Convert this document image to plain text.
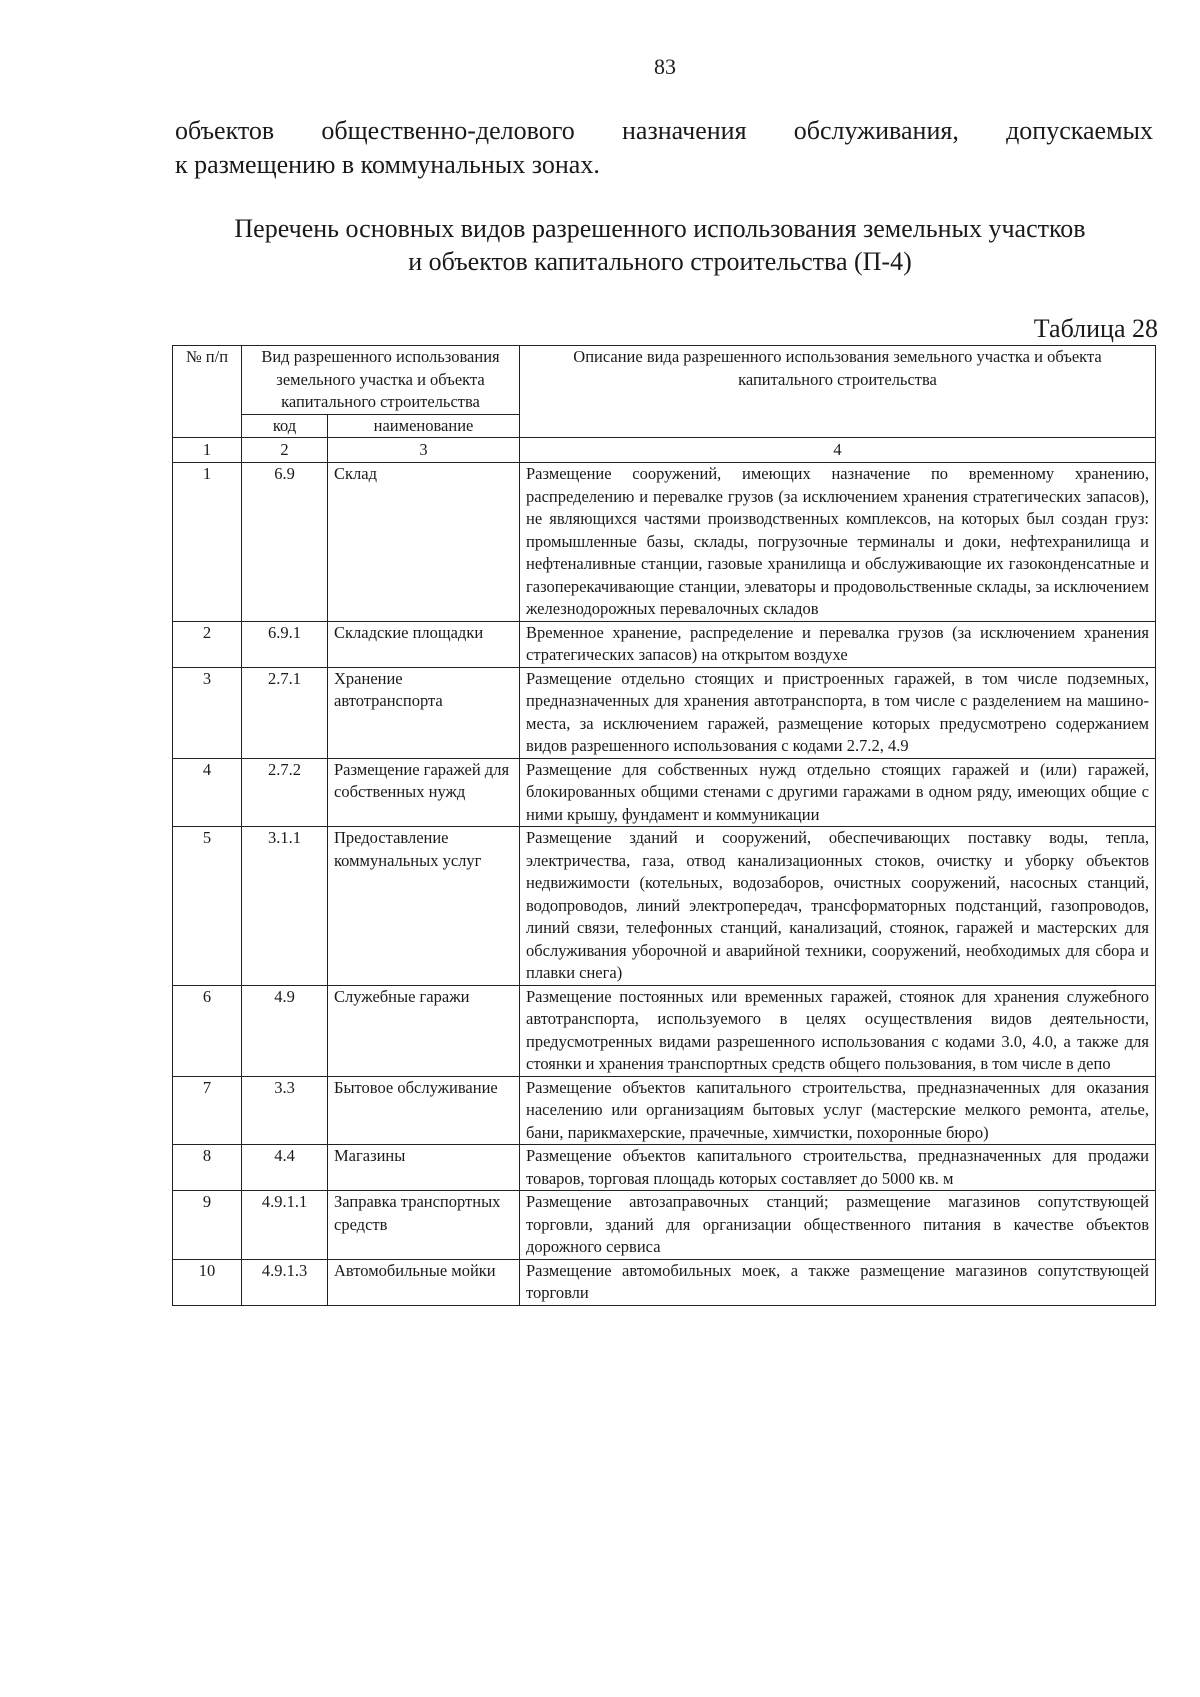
83
объектов общественно-делового назначения обслуживания, допускаемых
к размещению в коммунальных зонах.
Перечень основных видов разрешенного использования земельных участков
и объектов капитального строительства (П-4)
Таблица 28
№ п/п	Вид разрешенного использования земельного участка и объекта капитального строительства		Описание вида разрешенного использования земельного участка и объекта капитального строительства
	код	наименование	
1	2	3	4
1	6.9	Склад	Размещение сооружений, имеющих назначение по временному хранению, распределению и перевалке грузов (за исключением хранения стратегических запасов), не являющихся частями производственных комплексов, на которых был создан груз: промышленные базы, склады, погрузочные терминалы и доки, нефтехранилища и нефтеналивные станции, газовые хранилища и обслуживающие их газоконденсатные и газоперекачивающие станции, элеваторы и продовольственные склады, за исключением железнодорожных перевалочных складов
2	6.9.1	Складские площадки	Временное хранение, распределение и перевалка грузов (за исключением хранения стратегических запасов) на открытом воздухе
3	2.7.1	Хранение автотранспорта	Размещение отдельно стоящих и пристроенных гаражей, в том числе подземных, предназначенных для хранения автотранспорта, в том числе с разделением на машино-места, за исключением гаражей, размещение которых предусмотрено содержанием видов разрешенного использования с кодами 2.7.2, 4.9
4	2.7.2	Размещение гаражей для собственных нужд	Размещение для собственных нужд отдельно стоящих гаражей и (или) гаражей, блокированных общими стенами с другими гаражами в одном ряду, имеющих общие с ними крышу, фундамент и коммуникации
5	3.1.1	Предоставление коммунальных услуг	Размещение зданий и сооружений, обеспечивающих поставку воды, тепла, электричества, газа, отвод канализационных стоков, очистку и уборку объектов недвижимости (котельных, водозаборов, очистных сооружений, насосных станций, водопроводов, линий электропередач, трансформаторных подстанций, газопроводов, линий связи, телефонных станций, канализаций, стоянок, гаражей и мастерских для обслуживания уборочной и аварийной техники, сооружений, необходимых для сбора и плавки снега)
6	4.9	Служебные гаражи	Размещение постоянных или временных гаражей, стоянок для хранения служебного автотранспорта, используемого в целях осуществления видов деятельности, предусмотренных видами разрешенного использования с кодами 3.0, 4.0, а также для стоянки и хранения транспортных средств общего пользования, в том числе в депо
7	3.3	Бытовое обслуживание	Размещение объектов капитального строительства, предназначенных для оказания населению или организациям бытовых услуг (мастерские мелкого ремонта, ателье, бани, парикмахерские, прачечные, химчистки, похоронные бюро)
8	4.4	Магазины	Размещение объектов капитального строительства, предназначенных для продажи товаров, торговая площадь которых составляет до 5000 кв. м
9	4.9.1.1	Заправка транспортных средств	Размещение автозаправочных станций; размещение магазинов сопутствующей торговли, зданий для организации общественного питания в качестве объектов дорожного сервиса
10	4.9.1.3	Автомобильные мойки	Размещение автомобильных моек, а также размещение магазинов сопутствующей торговли
